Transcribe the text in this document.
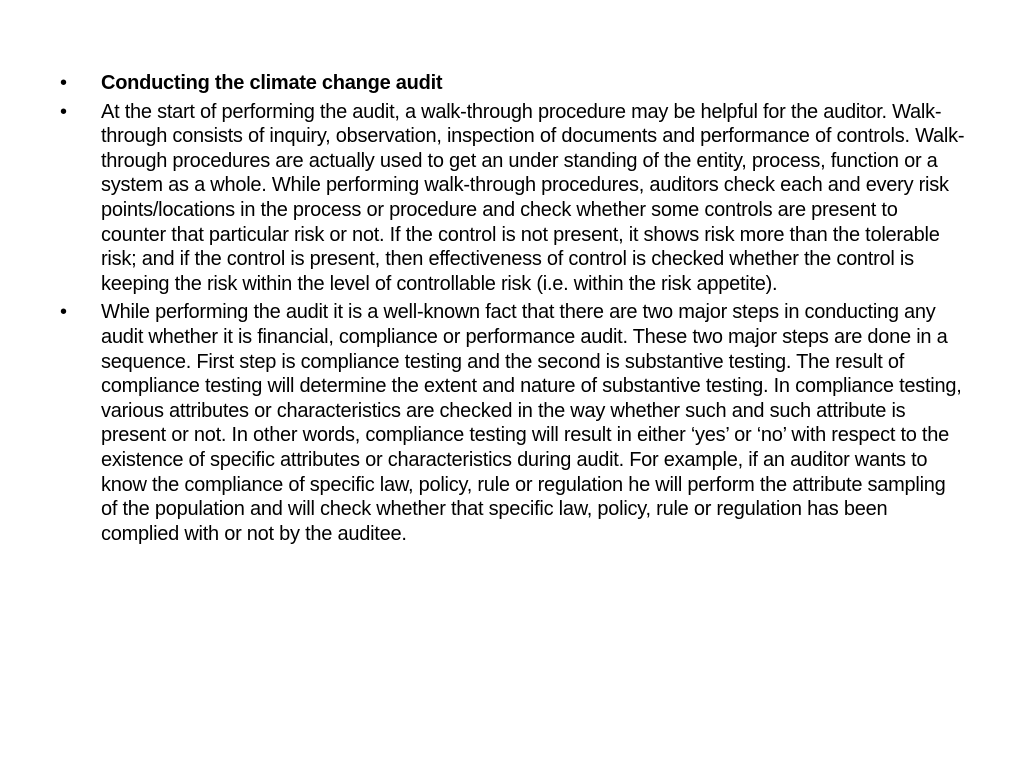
•	Conducting the climate change audit
•	At the start of performing the audit, a walk-through procedure may be helpful for the auditor. Walk-through consists of inquiry, observation, inspection of documents and performance of controls. Walk-through procedures are actually used to get an under standing of the entity, process, function or a system as a whole. While performing walk-through procedures, auditors check each and every risk points/locations in the process or procedure and check whether some controls are present to counter that particular risk or not. If the control is not present, it shows risk more than the tolerable risk; and if the control is present, then effectiveness of control is checked whether the control is keeping the risk within the level of controllable risk (i.e. within the risk appetite).
•	While performing the audit it is a well-known fact that there are two major steps in conducting any audit whether it is financial, compliance or performance audit. These two major steps are done in a sequence. First step is compliance testing and the second is substantive testing. The result of compliance testing will determine the extent and nature of substantive testing. In compliance testing, various attributes or characteristics are checked in the way whether such and such attribute is present or not. In other words, compliance testing will result in either ‘yes’ or ‘no’ with respect to the existence of specific attributes or characteristics during audit. For example, if an auditor wants to know the compliance of specific law, policy, rule or regulation he will perform the attribute sampling of the population and will check whether that specific law, policy, rule or regulation has been complied with or not by the auditee.
